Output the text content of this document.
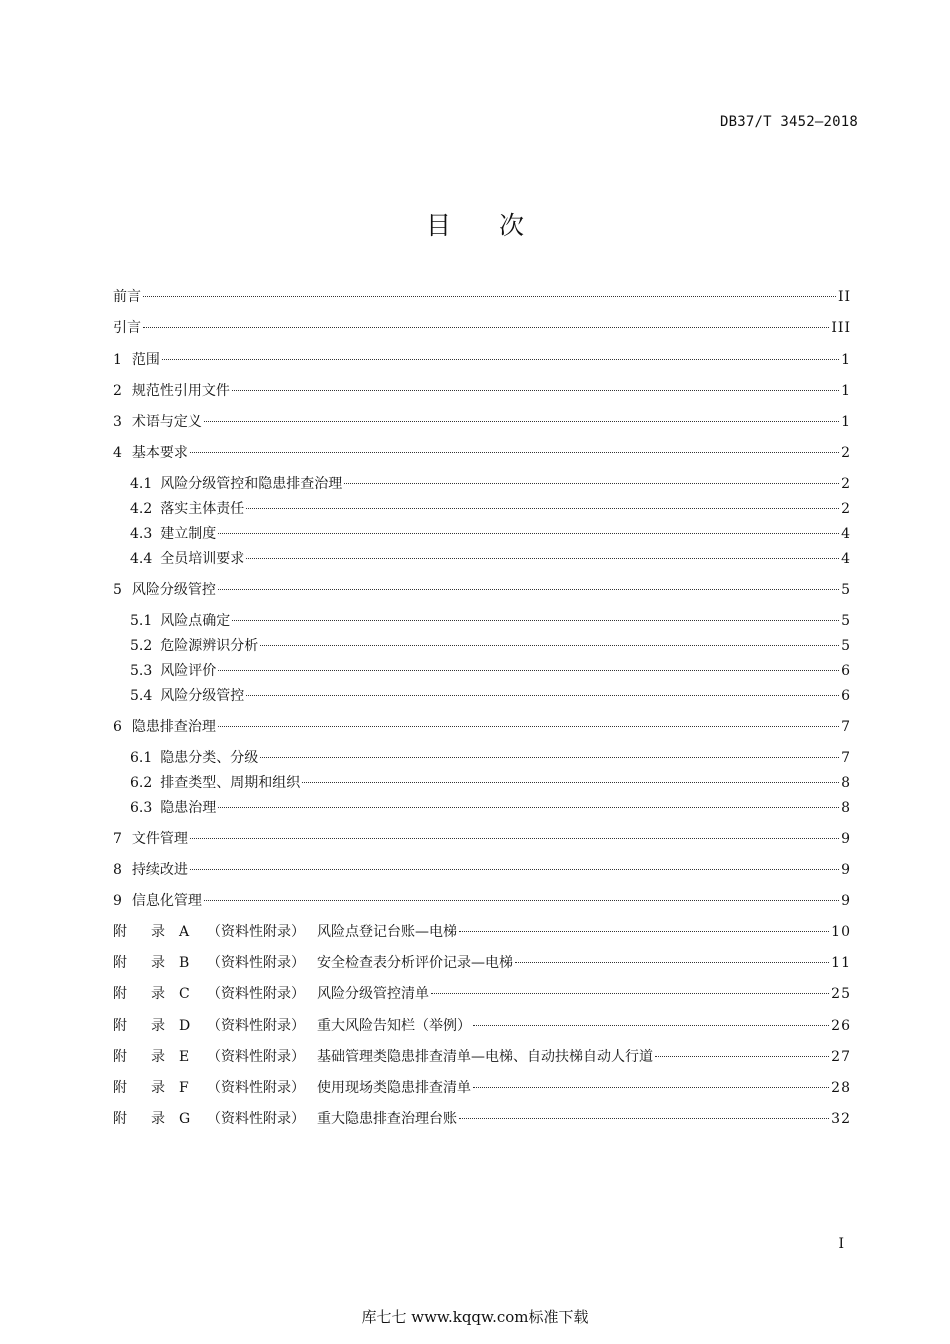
DB37/T 3452—2018
目 次
前言	II
引言	III
1 范围	1
2 规范性引用文件	1
3 术语与定义	1
4 基本要求	2
4.1 风险分级管控和隐患排查治理	2
4.2 落实主体责任	2
4.3 建立制度	4
4.4 全员培训要求	4
5 风险分级管控	5
5.1 风险点确定	5
5.2 危险源辨识分析	5
5.3 风险评价	6
5.4 风险分级管控	6
6 隐患排查治理	7
6.1 隐患分类、分级	7
6.2 排查类型、周期和组织	8
6.3 隐患治理	8
7 文件管理	9
8 持续改进	9
9 信息化管理	9
附	录	A	（资料性附录） 风险点登记台账—电梯	10
附	录	B	（资料性附录） 安全检查表分析评价记录—电梯	11
附	录	C	（资料性附录） 风险分级管控清单	25
附	录	D	（资料性附录） 重大风险告知栏（举例）	26
附	录	E	（资料性附录） 基础管理类隐患排查清单—电梯、自动扶梯自动人行道	27
附	录	F	（资料性附录） 使用现场类隐患排查清单	28
附	录	G	（资料性附录） 重大隐患排查治理台账	32
I
库七七 www.kqqw.com标准下载
